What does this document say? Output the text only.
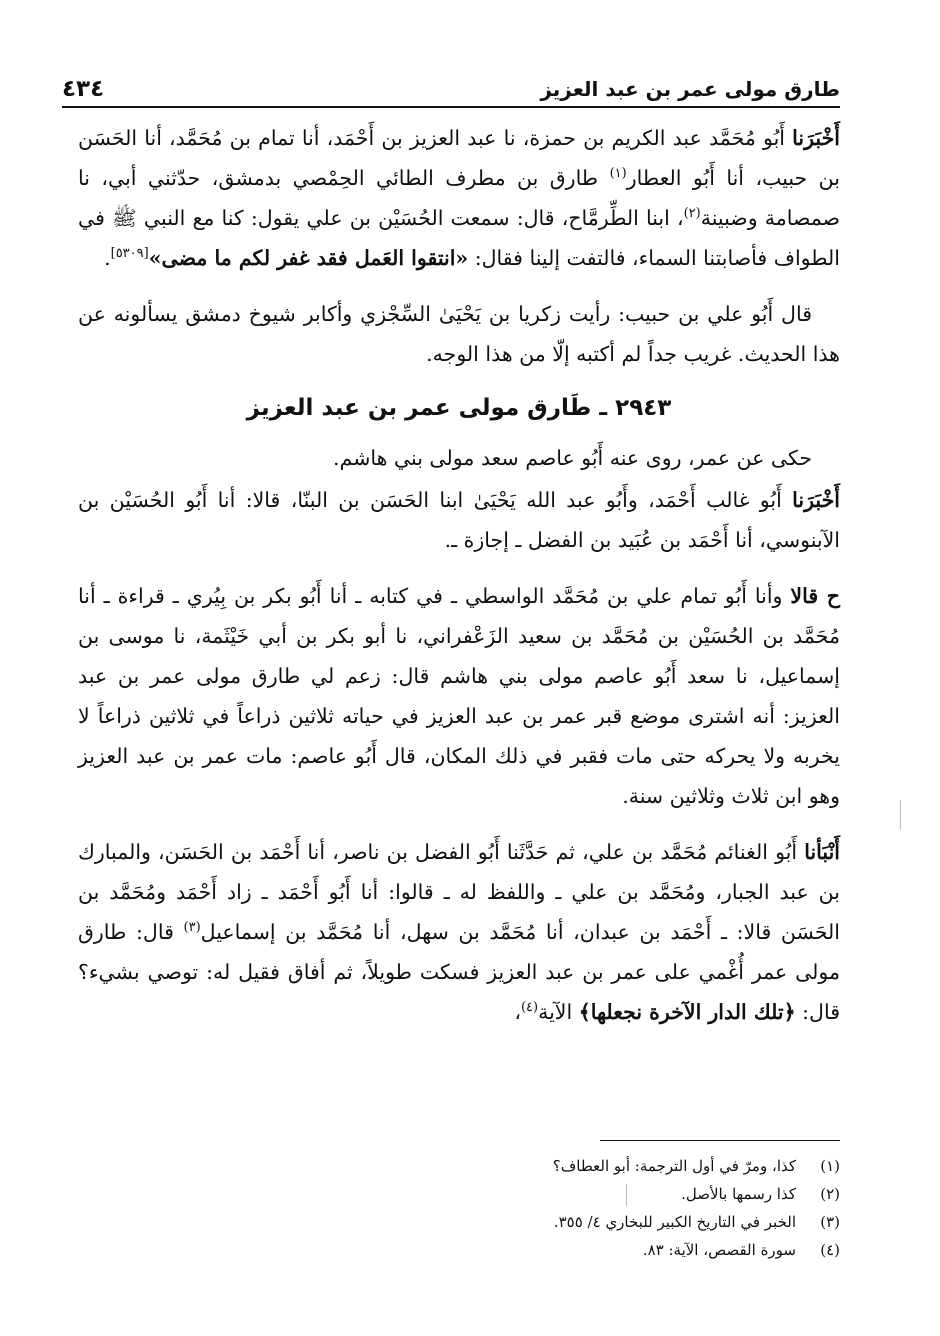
طارق مولى عمر بن عبد العزيز
٤٣٤

أَخْبَرَنا أَبُو مُحَمَّد عبد الكريم بن حمزة، نا عبد العزيز بن أَحْمَد، أنا تمام بن مُحَمَّد، أنا الحَسَن بن حبيب، أنا أَبُو العطار$^{(١)}$ طارق بن مطرف الطائي الحِمْصي بدمشق، حدّثني أبي، نا صمصامة وضبينة$^{(٢)}$، ابنا الطِّرمَّاح، قال: سمعت الحُسَيْن بن علي يقول: كنا مع النبي ﷺ في الطواف فأصابتنا السماء، فالتفت إلينا فقال: «انتقوا العَمل فقد غفر لكم ما مضى»[٥٣٠٩].

قال أَبُو علي بن حبيب: رأيت زكريا بن يَحْيَىٰ السِّجْزي وأكابر شيوخ دمشق يسألونه عن هذا الحديث. غريب جداً لم أكتبه إلّا من هذا الوجه.

٢٩٤٣ ـ طَارق مولى عمر بن عبد العزيز

حكى عن عمر، روى عنه أَبُو عاصم سعد مولى بني هاشم.

أَخْبَرَنا أَبُو غالب أَحْمَد، وأَبُو عبد الله يَحْيَىٰ ابنا الحَسَن بن البنّا، قالا: أنا أَبُو الحُسَيْن بن الآبنوسي، أنا أَحْمَد بن عُبَيد بن الفضل ـ إجازة ـ.

ح قالا وأنا أَبُو تمام علي بن مُحَمَّد الواسطي ـ في كتابه ـ أنا أَبُو بكر بن بِيُري ـ قراءة ـ أنا مُحَمَّد بن الحُسَيْن بن مُحَمَّد بن سعيد الزَعْفراني، نا أبو بكر بن أبي خَيْثَمة، نا موسى بن إسماعيل، نا سعد أَبُو عاصم مولى بني هاشم قال: زعم لي طارق مولى عمر بن عبد العزيز: أنه اشترى موضع قبر عمر بن عبد العزيز في حياته ثلاثين ذراعاً في ثلاثين ذراعاً لا يخربه ولا يحركه حتى مات فقبر في ذلك المكان، قال أَبُو عاصم: مات عمر بن عبد العزيز وهو ابن ثلاث وثلاثين سنة.

أَنْبَأنا أَبُو الغنائم مُحَمَّد بن علي، ثم حَدَّثَنا أَبُو الفضل بن ناصر، أنا أَحْمَد بن الحَسَن، والمبارك بن عبد الجبار، ومُحَمَّد بن علي ـ واللفظ له ـ قالوا: أنا أَبُو أَحْمَد ـ زاد أَحْمَد ومُحَمَّد بن الحَسَن قالا: ـ أَحْمَد بن عبدان، أنا مُحَمَّد بن سهل، أنا مُحَمَّد بن إسماعيل$^{(٣)}$ قال: طارق مولى عمر أُغْمي على عمر بن عبد العزيز فسكت طويلاً، ثم أفاق فقيل له: توصي بشيء؟ قال: ﴿تلك الدار الآخرة نجعلها﴾ الآية$^{(٤)}$،

(١)
كذا، ومرّ في أول الترجمة: أبو العطاف؟
(٢)
كذا رسمها بالأصل.
(٣)
الخبر في التاريخ الكبير للبخاري ٤/ ٣٥٥.
(٤)
سورة القصص، الآية: ٨٣.
